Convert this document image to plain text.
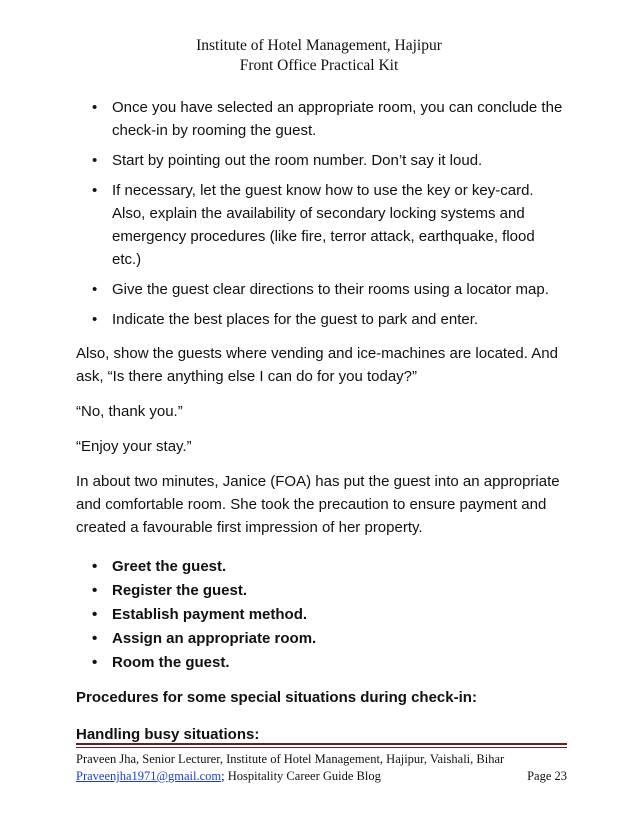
Institute of Hotel Management, Hajipur
Front Office Practical Kit
• Once you have selected an appropriate room, you can conclude the check-in by rooming the guest.
• Start by pointing out the room number. Don’t say it loud.
• If necessary, let the guest know how to use the key or key-card. Also, explain the availability of secondary locking systems and emergency procedures (like fire, terror attack, earthquake, flood etc.)
• Give the guest clear directions to their rooms using a locator map.
• Indicate the best places for the guest to park and enter.

Also, show the guests where vending and ice-machines are located. And ask, “Is there anything else I can do for you today?”

“No, thank you.”

“Enjoy your stay.”

In about two minutes, Janice (FOA) has put the guest into an appropriate and comfortable room. She took the precaution to ensure payment and created a favourable first impression of her property.

• Greet the guest.
• Register the guest.
• Establish payment method.
• Assign an appropriate room.
• Room the guest.

Procedures for some special situations during check-in:

Handling busy situations:

Praveen Jha, Senior Lecturer, Institute of Hotel Management, Hajipur, Vaishali, Bihar
Praveenjha1971@gmail.com; Hospitality Career Guide Blog	Page 23
